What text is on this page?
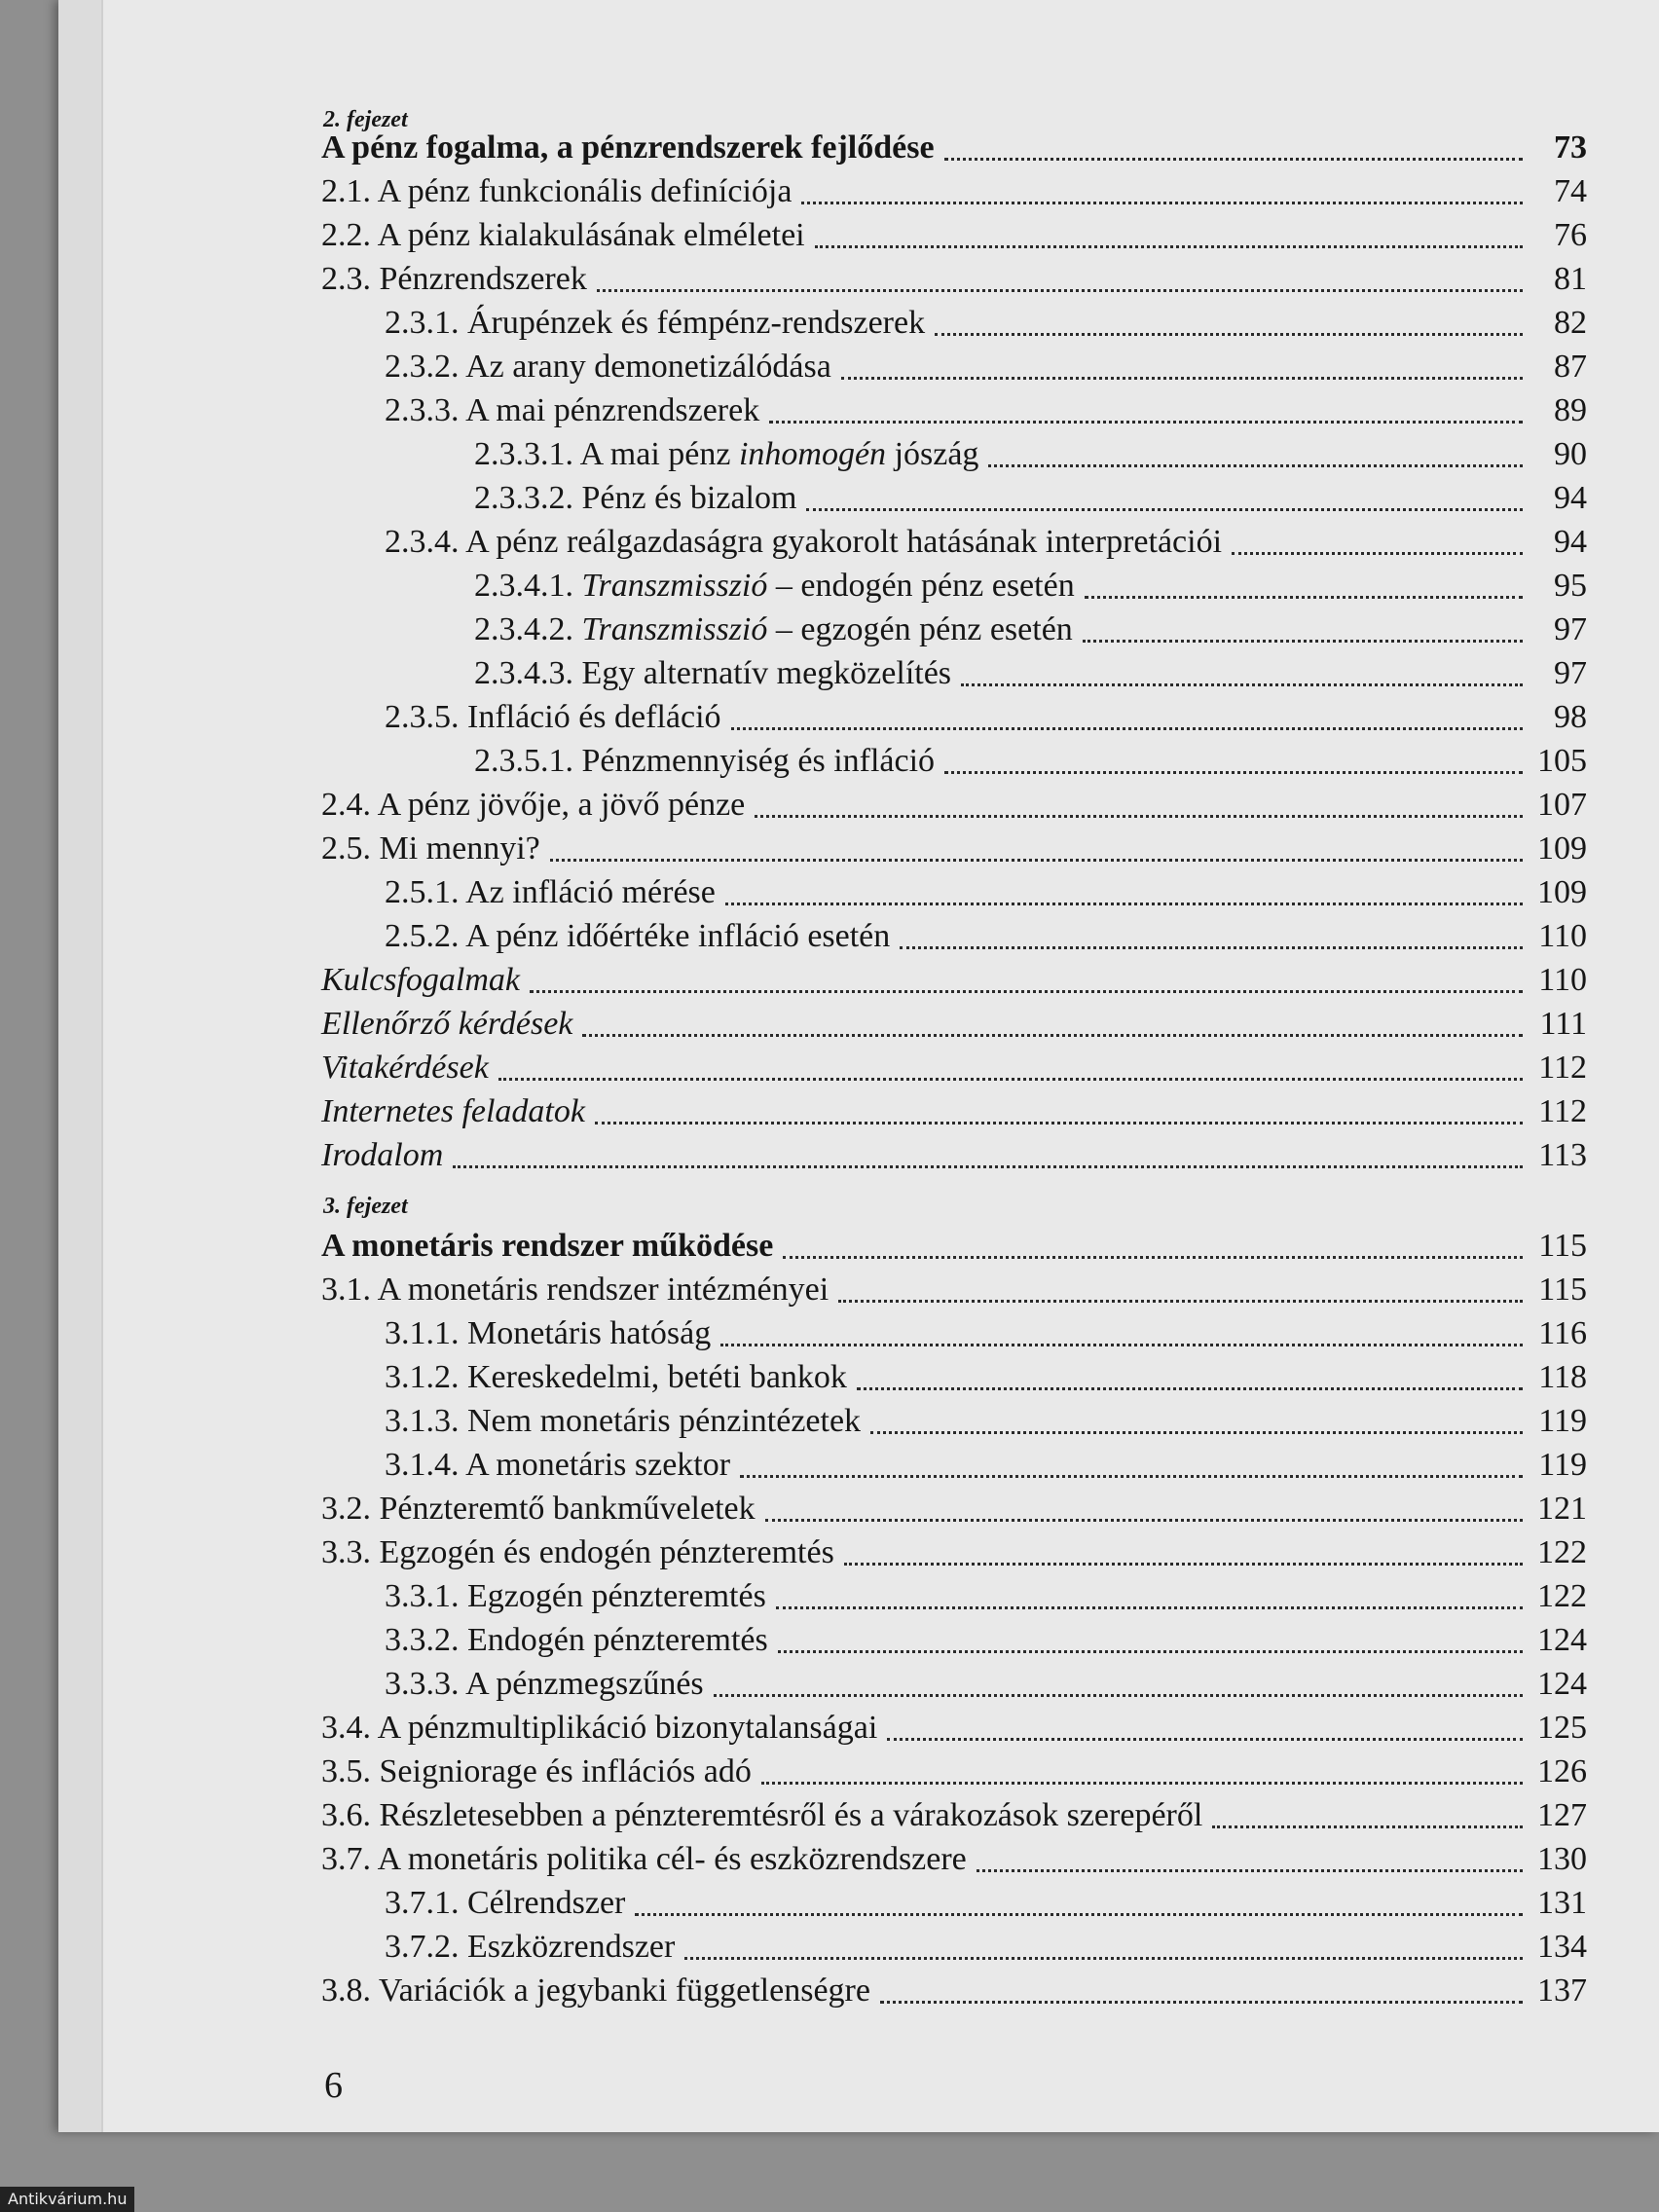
2. fejezet
A pénz fogalma, a pénzrendszerek fejlődése	73
2.1. A pénz funkcionális definíciója	74
2.2. A pénz kialakulásának elméletei	76
2.3. Pénzrendszerek	81
2.3.1. Árupénzek és fémpénz-rendszerek	82
2.3.2. Az arany demonetizálódása	87
2.3.3. A mai pénzrendszerek	89
2.3.3.1. A mai pénz inhomogén jószág	90
2.3.3.2. Pénz és bizalom	94
2.3.4. A pénz reálgazdaságra gyakorolt hatásának interpretációi	94
2.3.4.1. Transzmisszió – endogén pénz esetén	95
2.3.4.2. Transzmisszió – egzogén pénz esetén	97
2.3.4.3. Egy alternatív megközelítés	97
2.3.5. Infláció és defláció	98
2.3.5.1. Pénzmennyiség és infláció	105
2.4. A pénz jövője, a jövő pénze	107
2.5. Mi mennyi?	109
2.5.1. Az infláció mérése	109
2.5.2. A pénz időértéke infláció esetén	110
Kulcsfogalmak	110
Ellenőrző kérdések	111
Vitakérdések	112
Internetes feladatok	112
Irodalom	113
3. fejezet
A monetáris rendszer működése	115
3.1. A monetáris rendszer intézményei	115
3.1.1. Monetáris hatóság	116
3.1.2. Kereskedelmi, betéti bankok	118
3.1.3. Nem monetáris pénzintézetek	119
3.1.4. A monetáris szektor	119
3.2. Pénzteremtő bankműveletek	121
3.3. Egzogén és endogén pénzteremtés	122
3.3.1. Egzogén pénzteremtés	122
3.3.2. Endogén pénzteremtés	124
3.3.3. A pénzmegszűnés	124
3.4. A pénzmultiplikáció bizonytalanságai	125
3.5. Seigniorage és inflációs adó	126
3.6. Részletesebben a pénzteremtésről és a várakozások szerepéről	127
3.7. A monetáris politika cél- és eszközrendszere	130
3.7.1. Célrendszer	131
3.7.2. Eszközrendszer	134
3.8. Variációk a jegybanki függetlenségre	137
6
Antikvárium.hu
